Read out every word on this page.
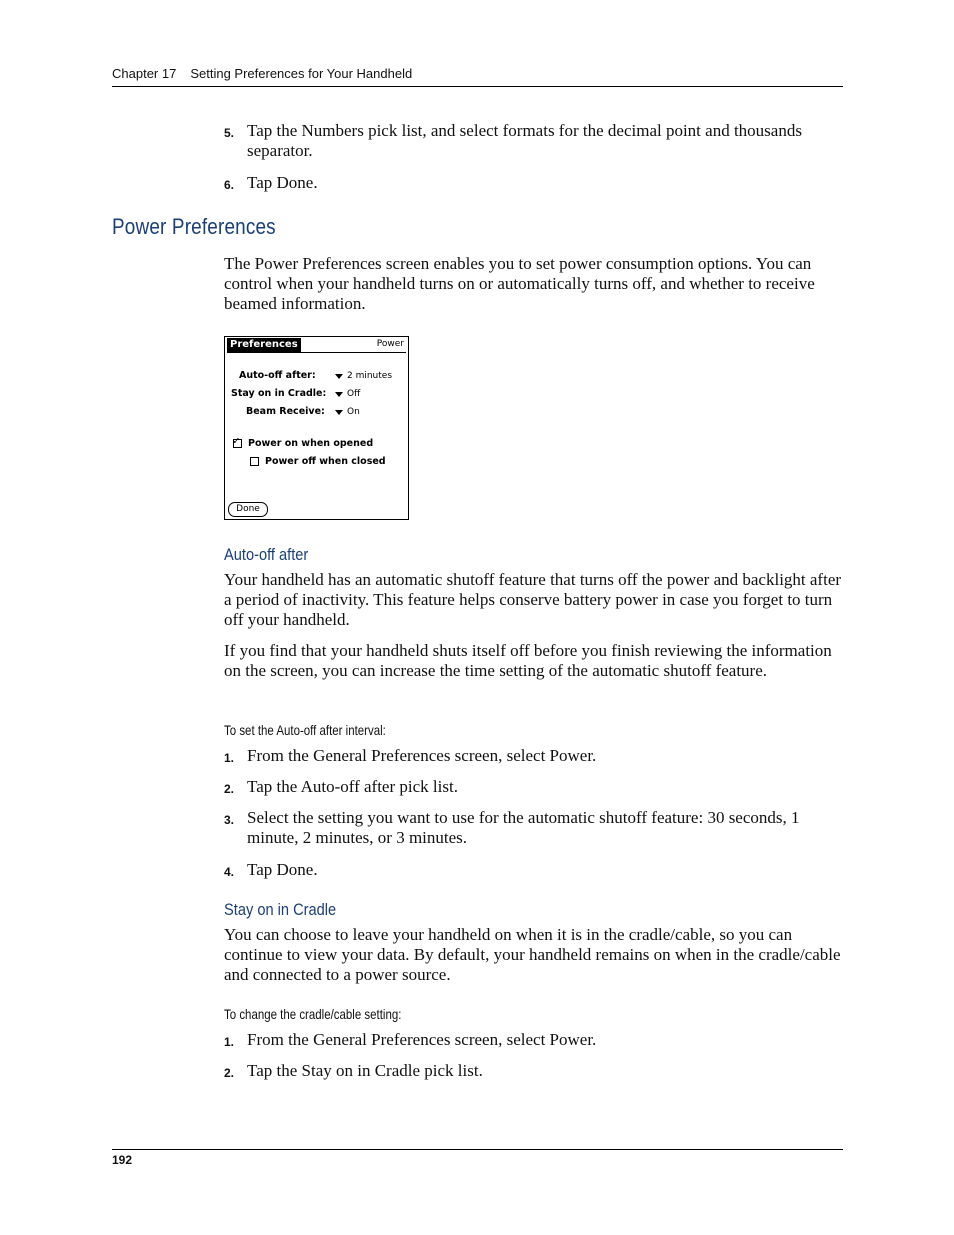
Chapter 17 Setting Preferences for Your Handheld
5. Tap the Numbers pick list, and select formats for the decimal point and thousands separator.
6. Tap Done.
Power Preferences
The Power Preferences screen enables you to set power consumption options. You can control when your handheld turns on or automatically turns off, and whether to receive beamed information.
Preferences	Power
Auto-off after:	2 minutes
Stay on in Cradle: Off
Beam Receive: On
✓ Power on when opened
Power off when closed
Done
Auto-off after
Your handheld has an automatic shutoff feature that turns off the power and backlight after a period of inactivity. This feature helps conserve battery power in case you forget to turn off your handheld.
If you find that your handheld shuts itself off before you finish reviewing the information on the screen, you can increase the time setting of the automatic shutoff feature.
To set the Auto-off after interval:
1. From the General Preferences screen, select Power.
2. Tap the Auto-off after pick list.
3. Select the setting you want to use for the automatic shutoff feature: 30 seconds, 1 minute, 2 minutes, or 3 minutes.
4. Tap Done.
Stay on in Cradle
You can choose to leave your handheld on when it is in the cradle/cable, so you can continue to view your data. By default, your handheld remains on when in the cradle/cable and connected to a power source.
To change the cradle/cable setting:
1. From the General Preferences screen, select Power.
2. Tap the Stay on in Cradle pick list.
192
